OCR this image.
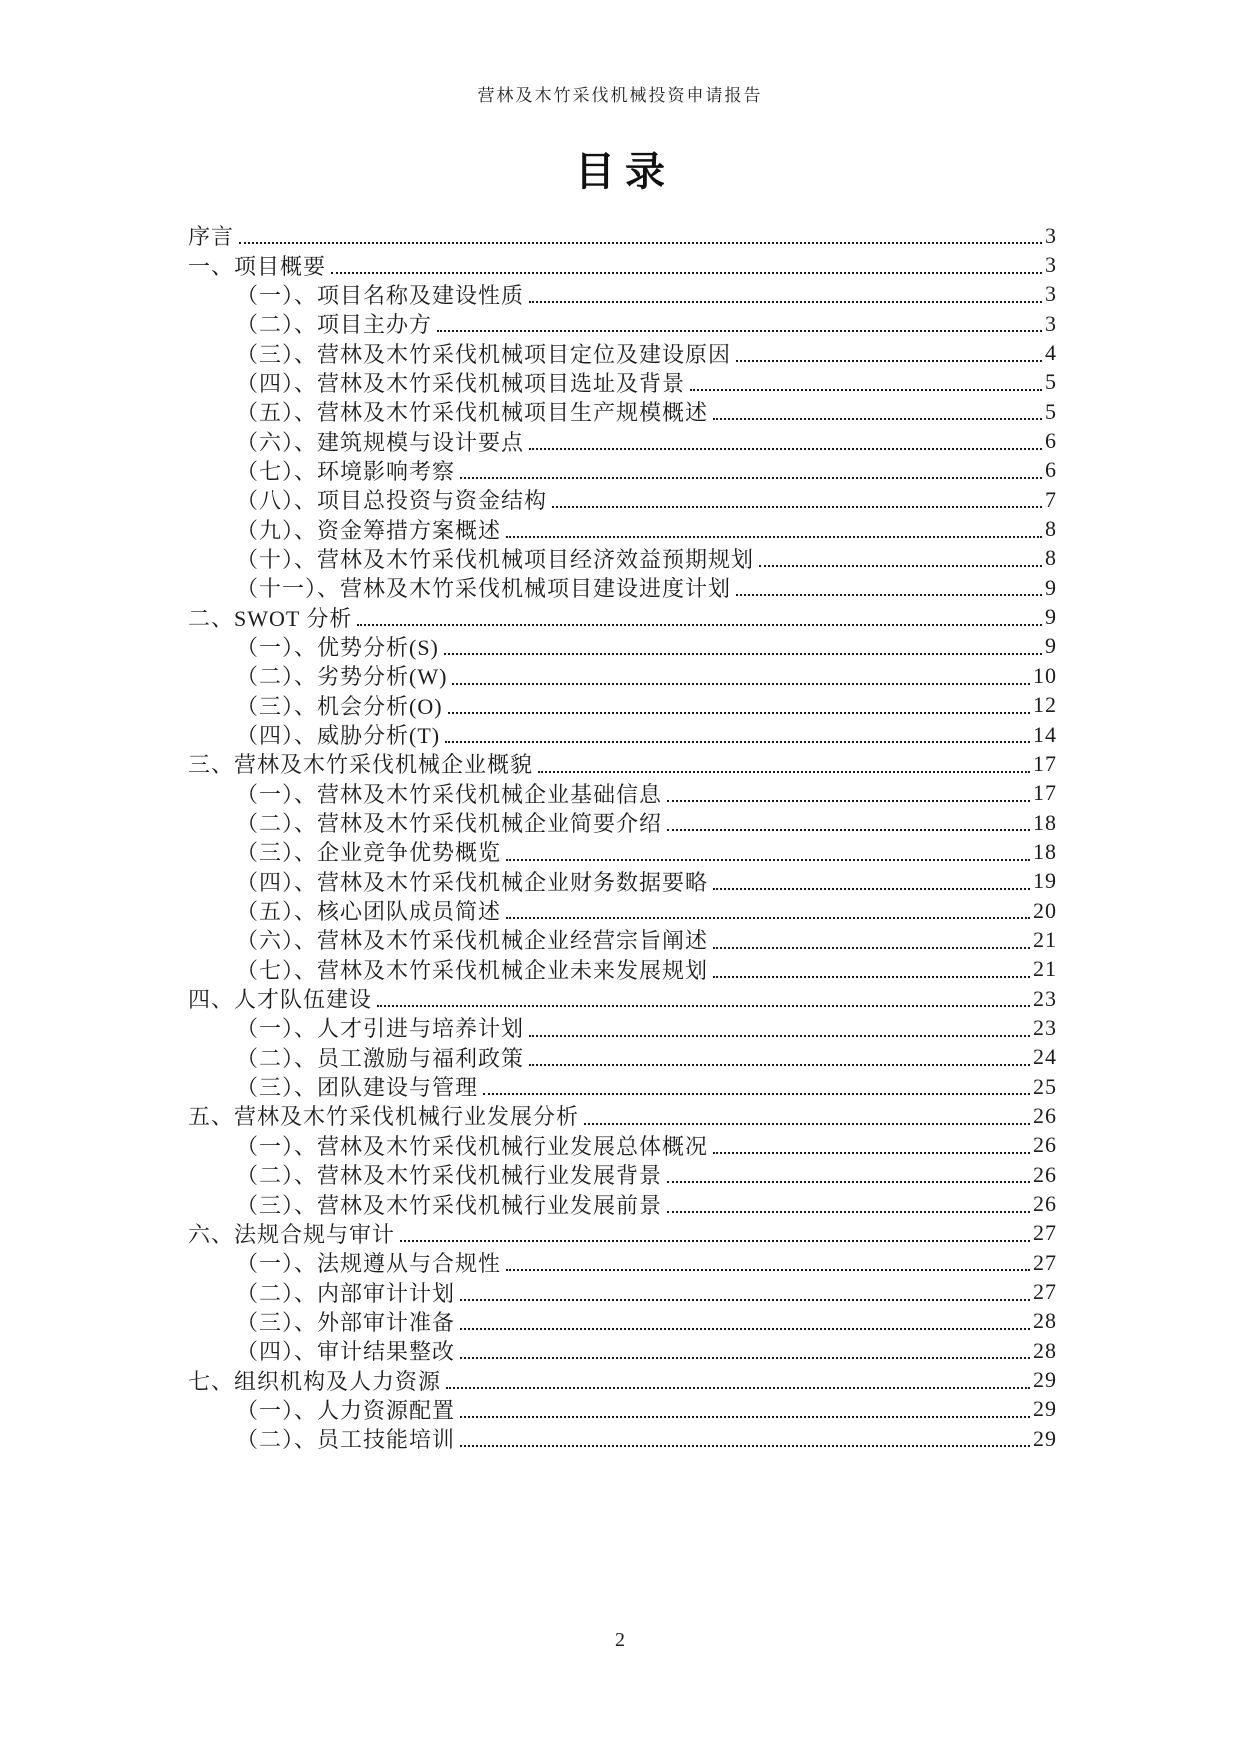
营林及木竹采伐机械投资申请报告
目 录
序言	3
一、项目概要	3
（一）、项目名称及建设性质	3
（二）、项目主办方	3
（三）、营林及木竹采伐机械项目定位及建设原因	4
（四）、营林及木竹采伐机械项目选址及背景	5
（五）、营林及木竹采伐机械项目生产规模概述	5
（六）、建筑规模与设计要点	6
（七）、环境影响考察	6
（八）、项目总投资与资金结构	7
（九）、资金筹措方案概述	8
（十）、营林及木竹采伐机械项目经济效益预期规划	8
（十一）、营林及木竹采伐机械项目建设进度计划	9
二、SWOT 分析	9
（一）、优势分析(S)	9
（二）、劣势分析(W)	10
（三）、机会分析(O)	12
（四）、威胁分析(T)	14
三、营林及木竹采伐机械企业概貌	17
（一）、营林及木竹采伐机械企业基础信息	17
（二）、营林及木竹采伐机械企业简要介绍	18
（三）、企业竞争优势概览	18
（四）、营林及木竹采伐机械企业财务数据要略	19
（五）、核心团队成员简述	20
（六）、营林及木竹采伐机械企业经营宗旨阐述	21
（七）、营林及木竹采伐机械企业未来发展规划	21
四、人才队伍建设	23
（一）、人才引进与培养计划	23
（二）、员工激励与福利政策	24
（三）、团队建设与管理	25
五、营林及木竹采伐机械行业发展分析	26
（一）、营林及木竹采伐机械行业发展总体概况	26
（二）、营林及木竹采伐机械行业发展背景	26
（三）、营林及木竹采伐机械行业发展前景	26
六、法规合规与审计	27
（一）、法规遵从与合规性	27
（二）、内部审计计划	27
（三）、外部审计准备	28
（四）、审计结果整改	28
七、组织机构及人力资源	29
（一）、人力资源配置	29
（二）、员工技能培训	29
2
